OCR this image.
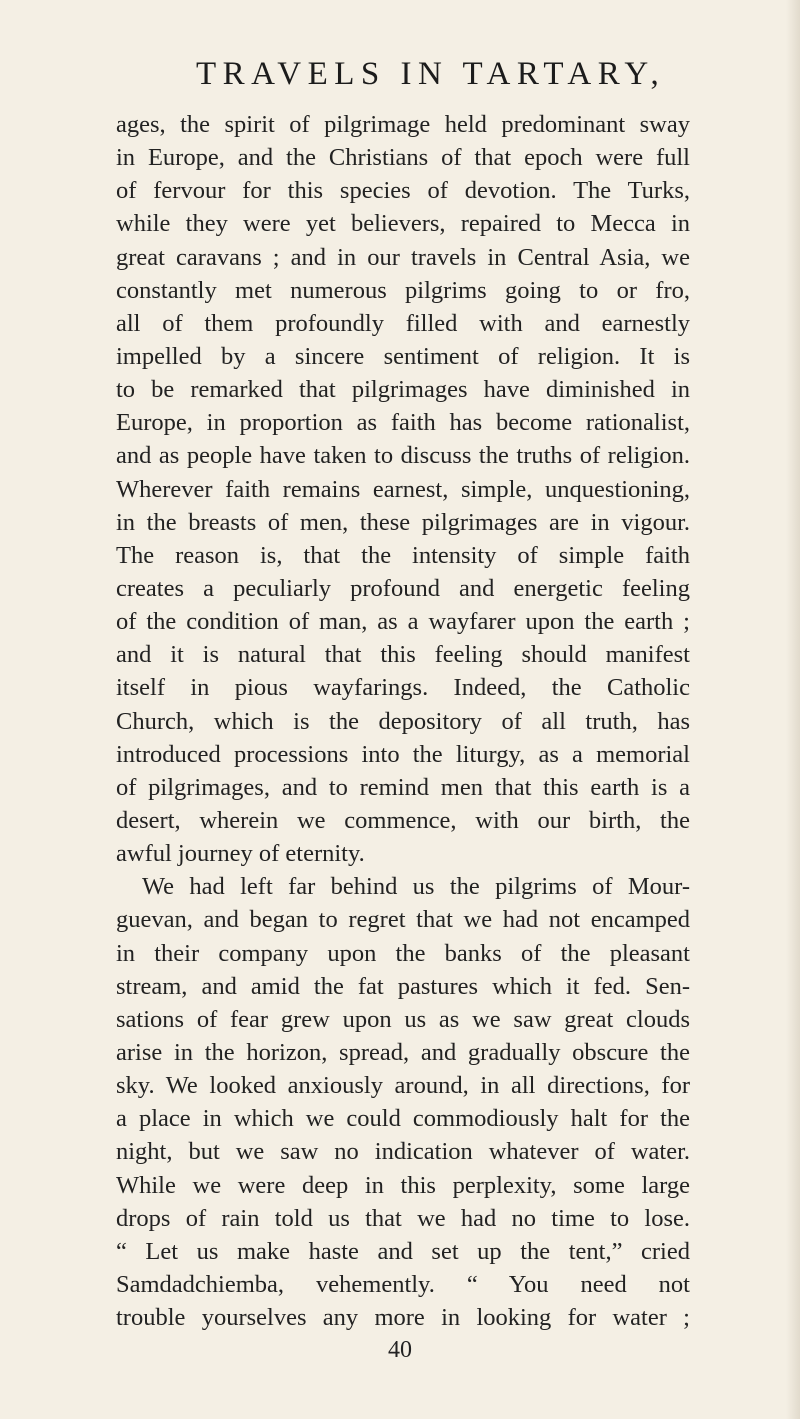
TRAVELS IN TARTARY,
ages, the spirit of pilgrimage held predominant sway
in Europe, and the Christians of that epoch were full
of fervour for this species of devotion. The Turks,
while they were yet believers, repaired to Mecca in
great caravans ; and in our travels in Central Asia, we
constantly met numerous pilgrims going to or fro,
all of them profoundly filled with and earnestly
impelled by a sincere sentiment of religion. It is
to be remarked that pilgrimages have diminished in
Europe, in proportion as faith has become rationalist,
and as people have taken to discuss the truths of religion.
Wherever faith remains earnest, simple, unquestioning,
in the breasts of men, these pilgrimages are in vigour.
The reason is, that the intensity of simple faith
creates a peculiarly profound and energetic feeling
of the condition of man, as a wayfarer upon the earth ;
and it is natural that this feeling should manifest
itself in pious wayfarings. Indeed, the Catholic
Church, which is the depository of all truth, has
introduced processions into the liturgy, as a memorial
of pilgrimages, and to remind men that this earth is a
desert, wherein we commence, with our birth, the
awful journey of eternity.
We had left far behind us the pilgrims of Mour-
guevan, and began to regret that we had not encamped
in their company upon the banks of the pleasant
stream, and amid the fat pastures which it fed. Sen-
sations of fear grew upon us as we saw great clouds
arise in the horizon, spread, and gradually obscure the
sky. We looked anxiously around, in all directions, for
a place in which we could commodiously halt for the
night, but we saw no indication whatever of water.
While we were deep in this perplexity, some large
drops of rain told us that we had no time to lose.
“ Let us make haste and set up the tent,” cried
Samdadchiemba, vehemently. “ You need not
trouble yourselves any more in looking for water ;
40
